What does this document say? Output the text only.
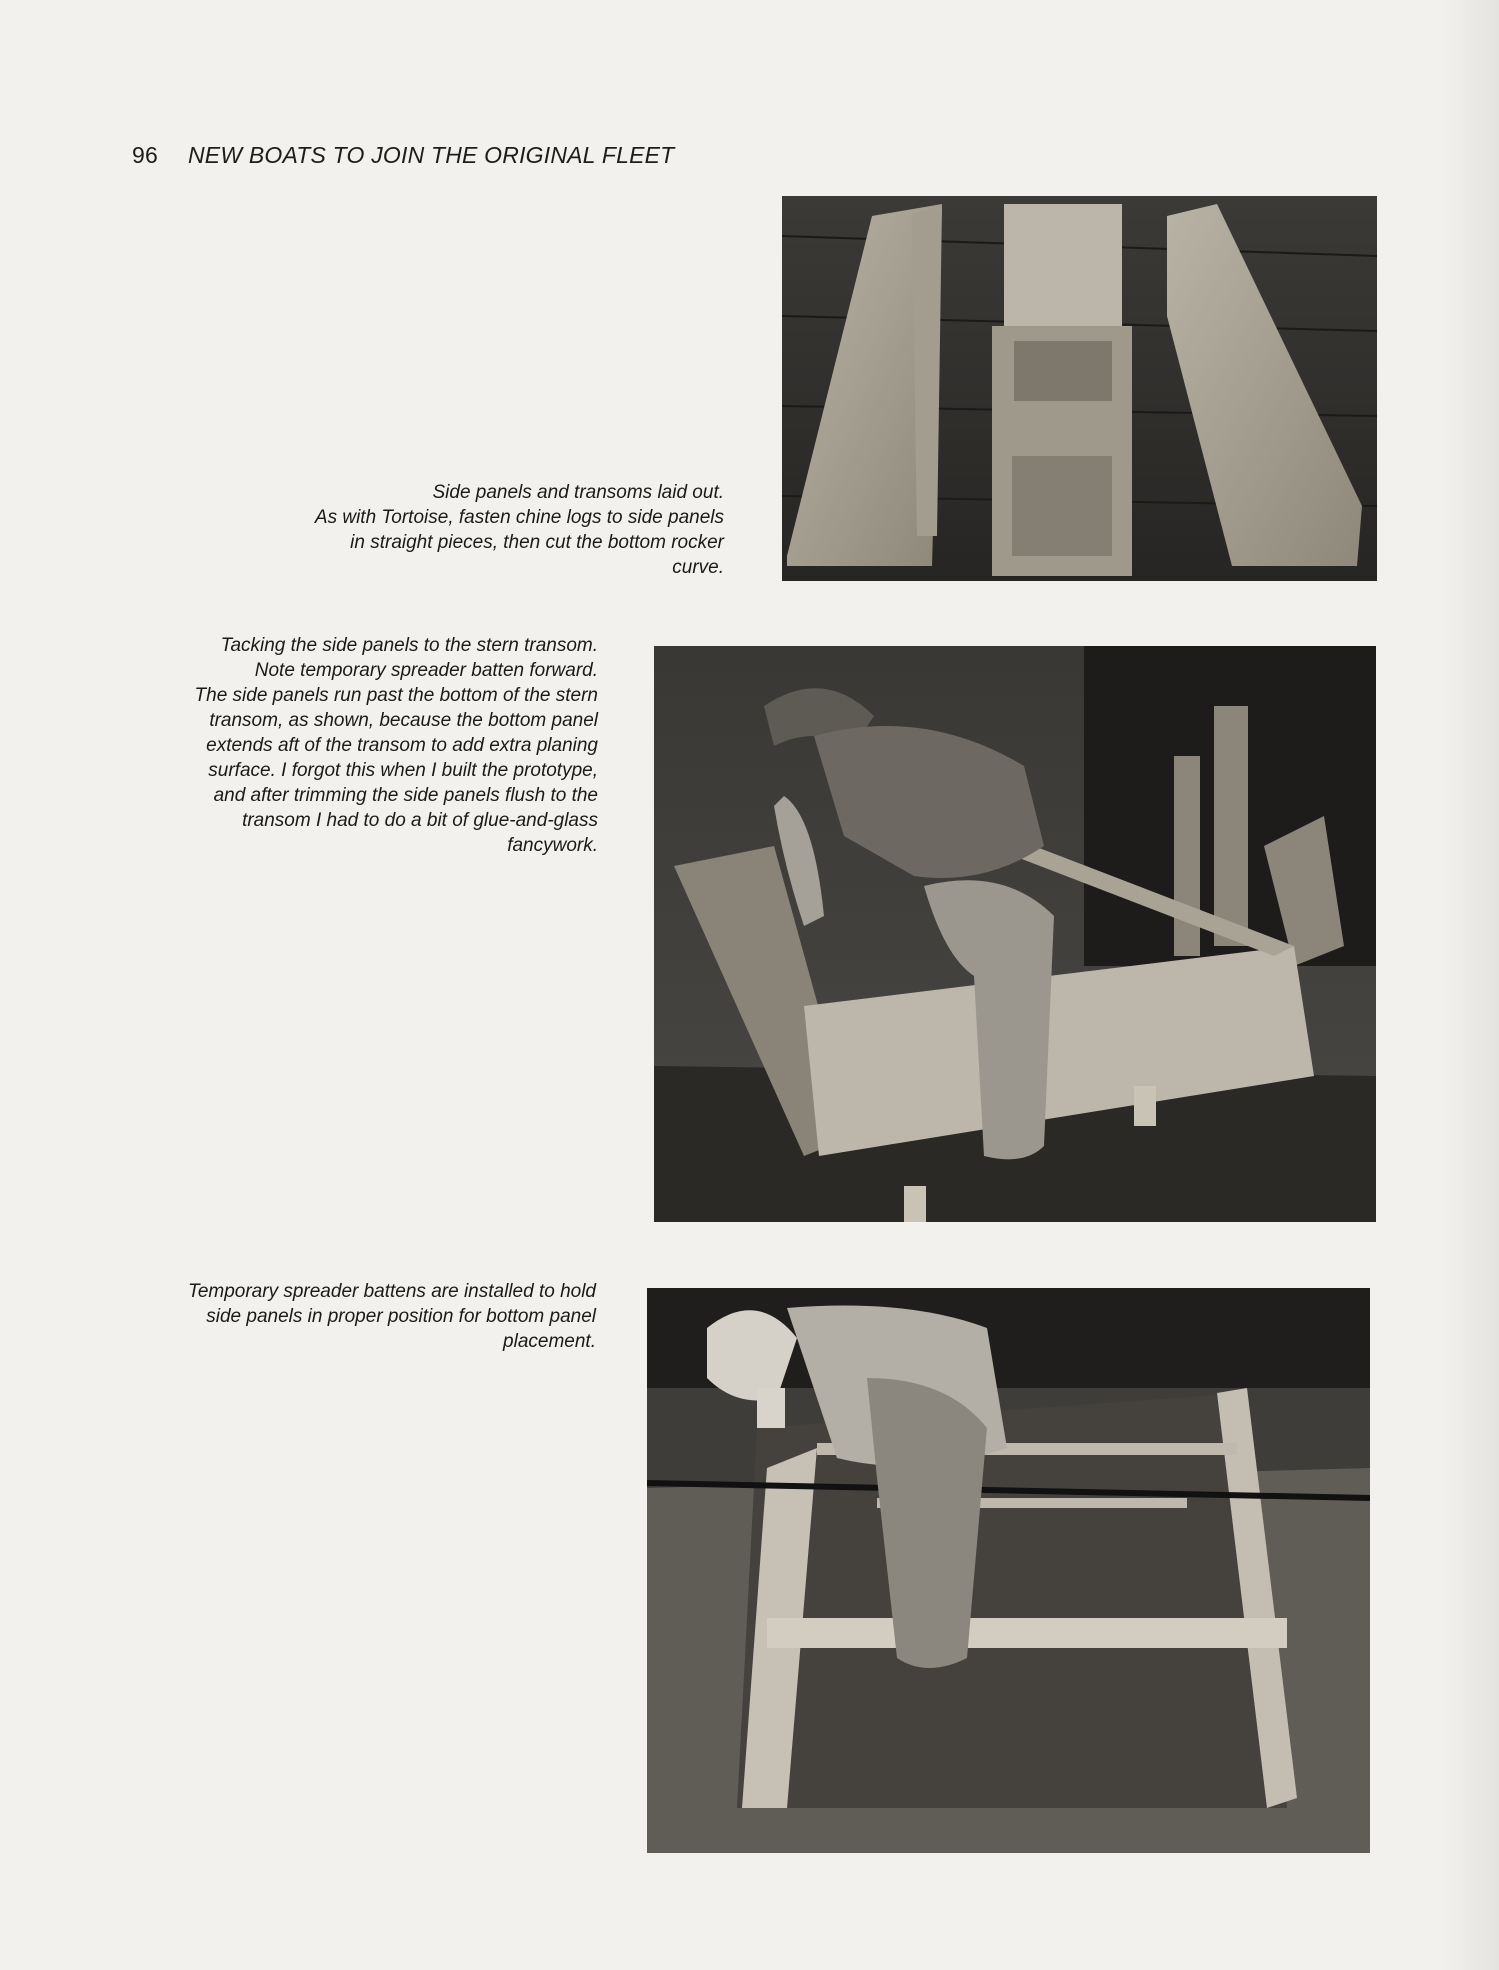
96 NEW BOATS TO JOIN THE ORIGINAL FLEET
Side panels and transoms laid out.
As with Tortoise, fasten chine logs to side panels
in straight pieces, then cut the bottom rocker
curve.
Tacking the side panels to the stern transom.
Note temporary spreader batten forward.
The side panels run past the bottom of the stern
transom, as shown, because the bottom panel
extends aft of the transom to add extra planing
surface. I forgot this when I built the prototype,
and after trimming the side panels flush to the
transom I had to do a bit of glue-and-glass
fancywork.
Temporary spreader battens are installed to hold
side panels in proper position for bottom panel
placement.
